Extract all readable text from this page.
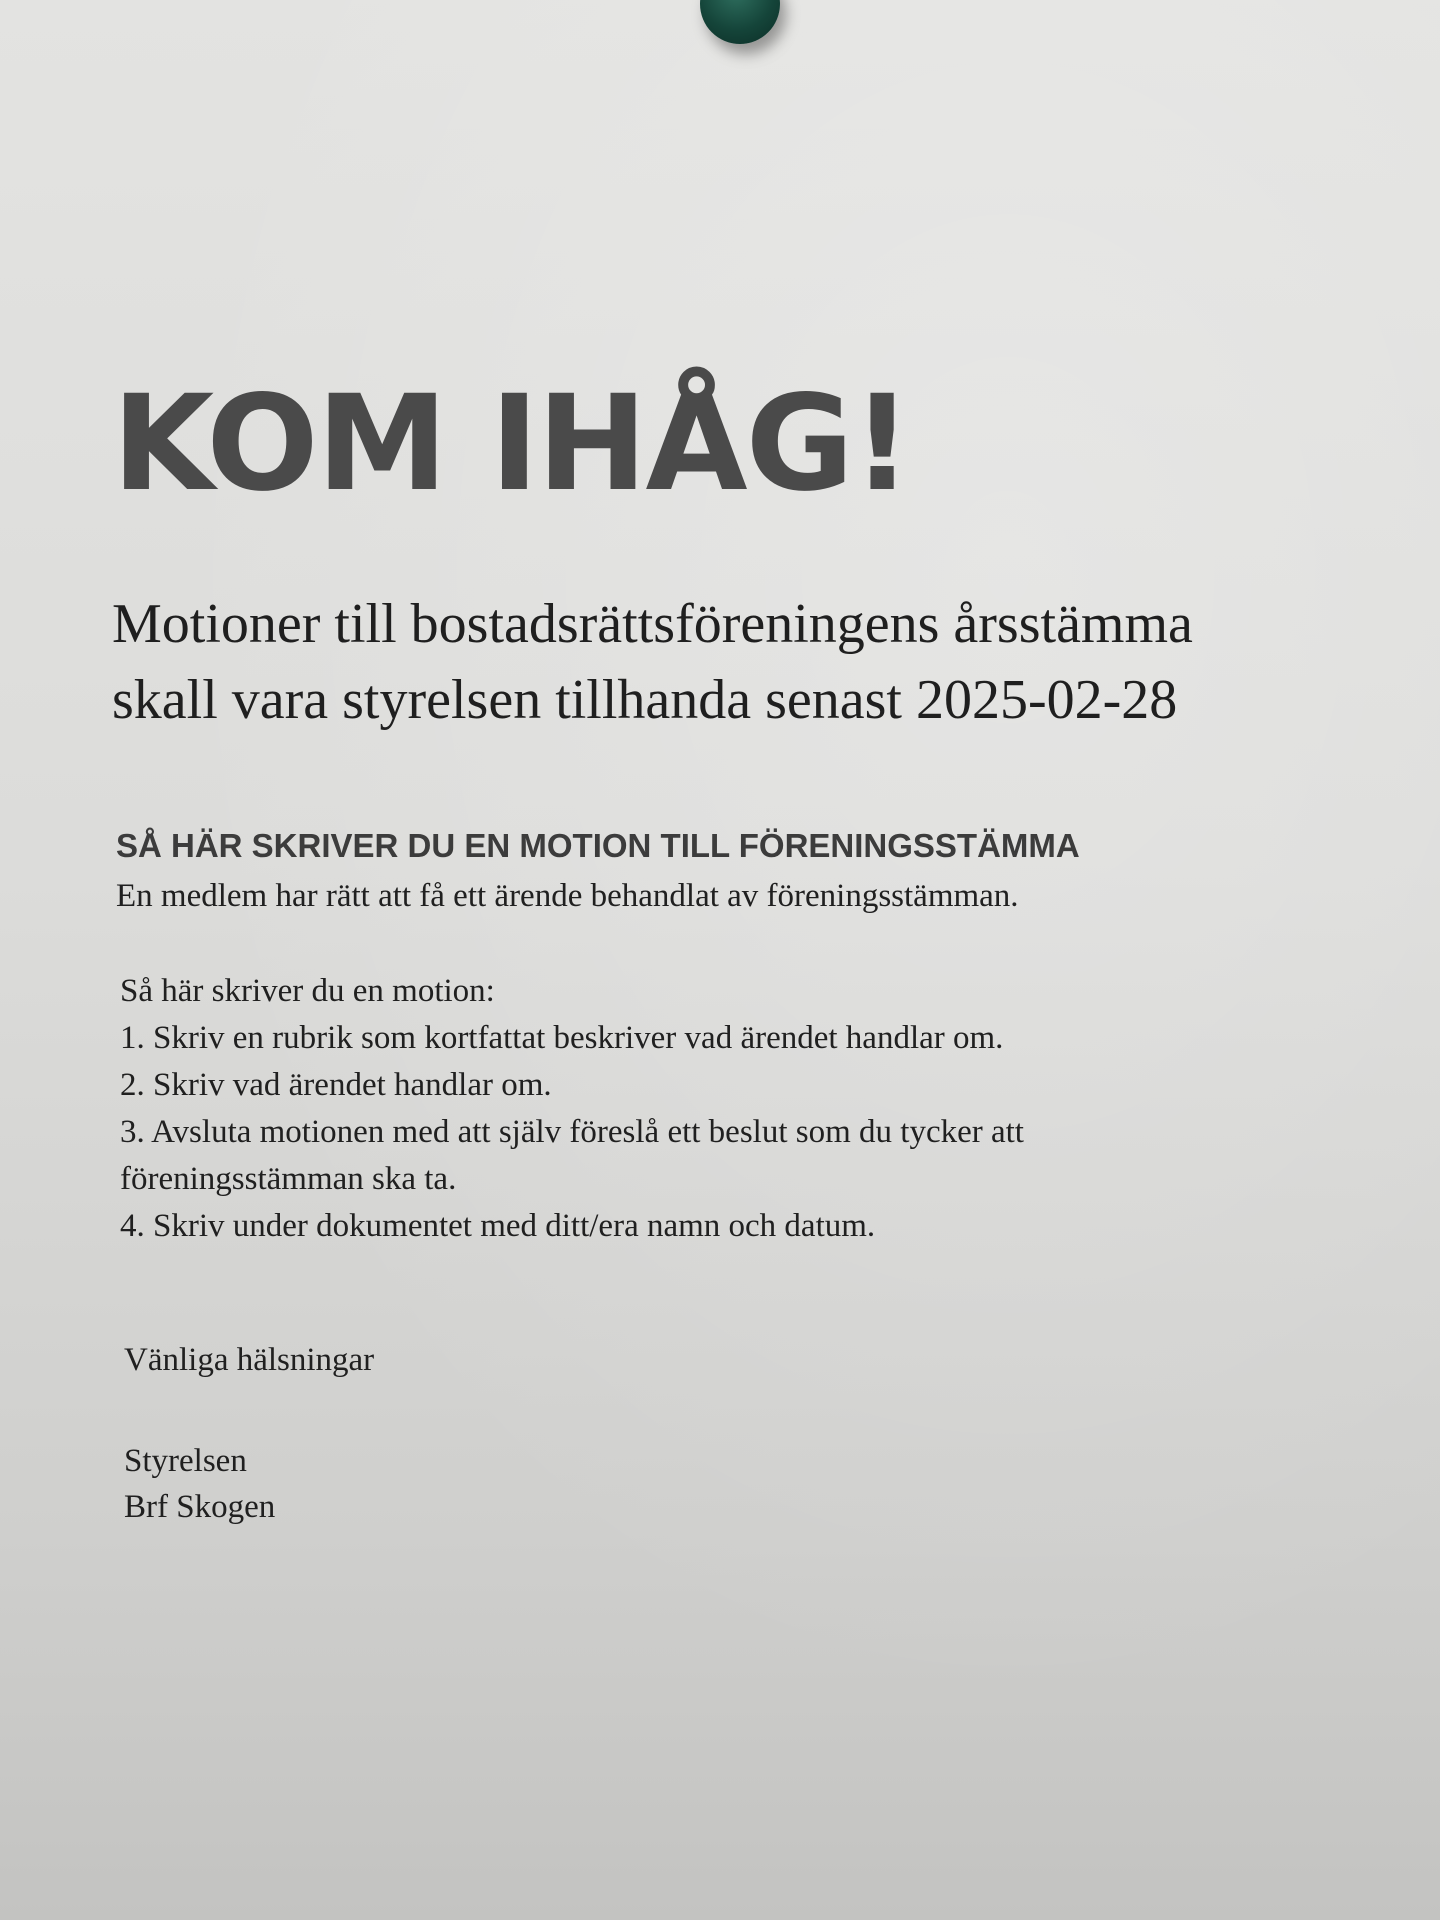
KOM IHÅG!
Motioner till bostadsrättsföreningens årsstämma
skall vara styrelsen tillhanda senast 2025-02-28
SÅ HÄR SKRIVER DU EN MOTION TILL FÖRENINGSSTÄMMA

En medlem har rätt att få ett ärende behandlat av föreningsstämman.

Så här skriver du en motion:
1. Skriv en rubrik som kortfattat beskriver vad ärendet handlar om.
2. Skriv vad ärendet handlar om.
3. Avsluta motionen med att själv föreslå ett beslut som du tycker att
föreningsstämman ska ta.
4. Skriv under dokumentet med ditt/era namn och datum.

Vänliga hälsningar

Styrelsen

Brf Skogen
